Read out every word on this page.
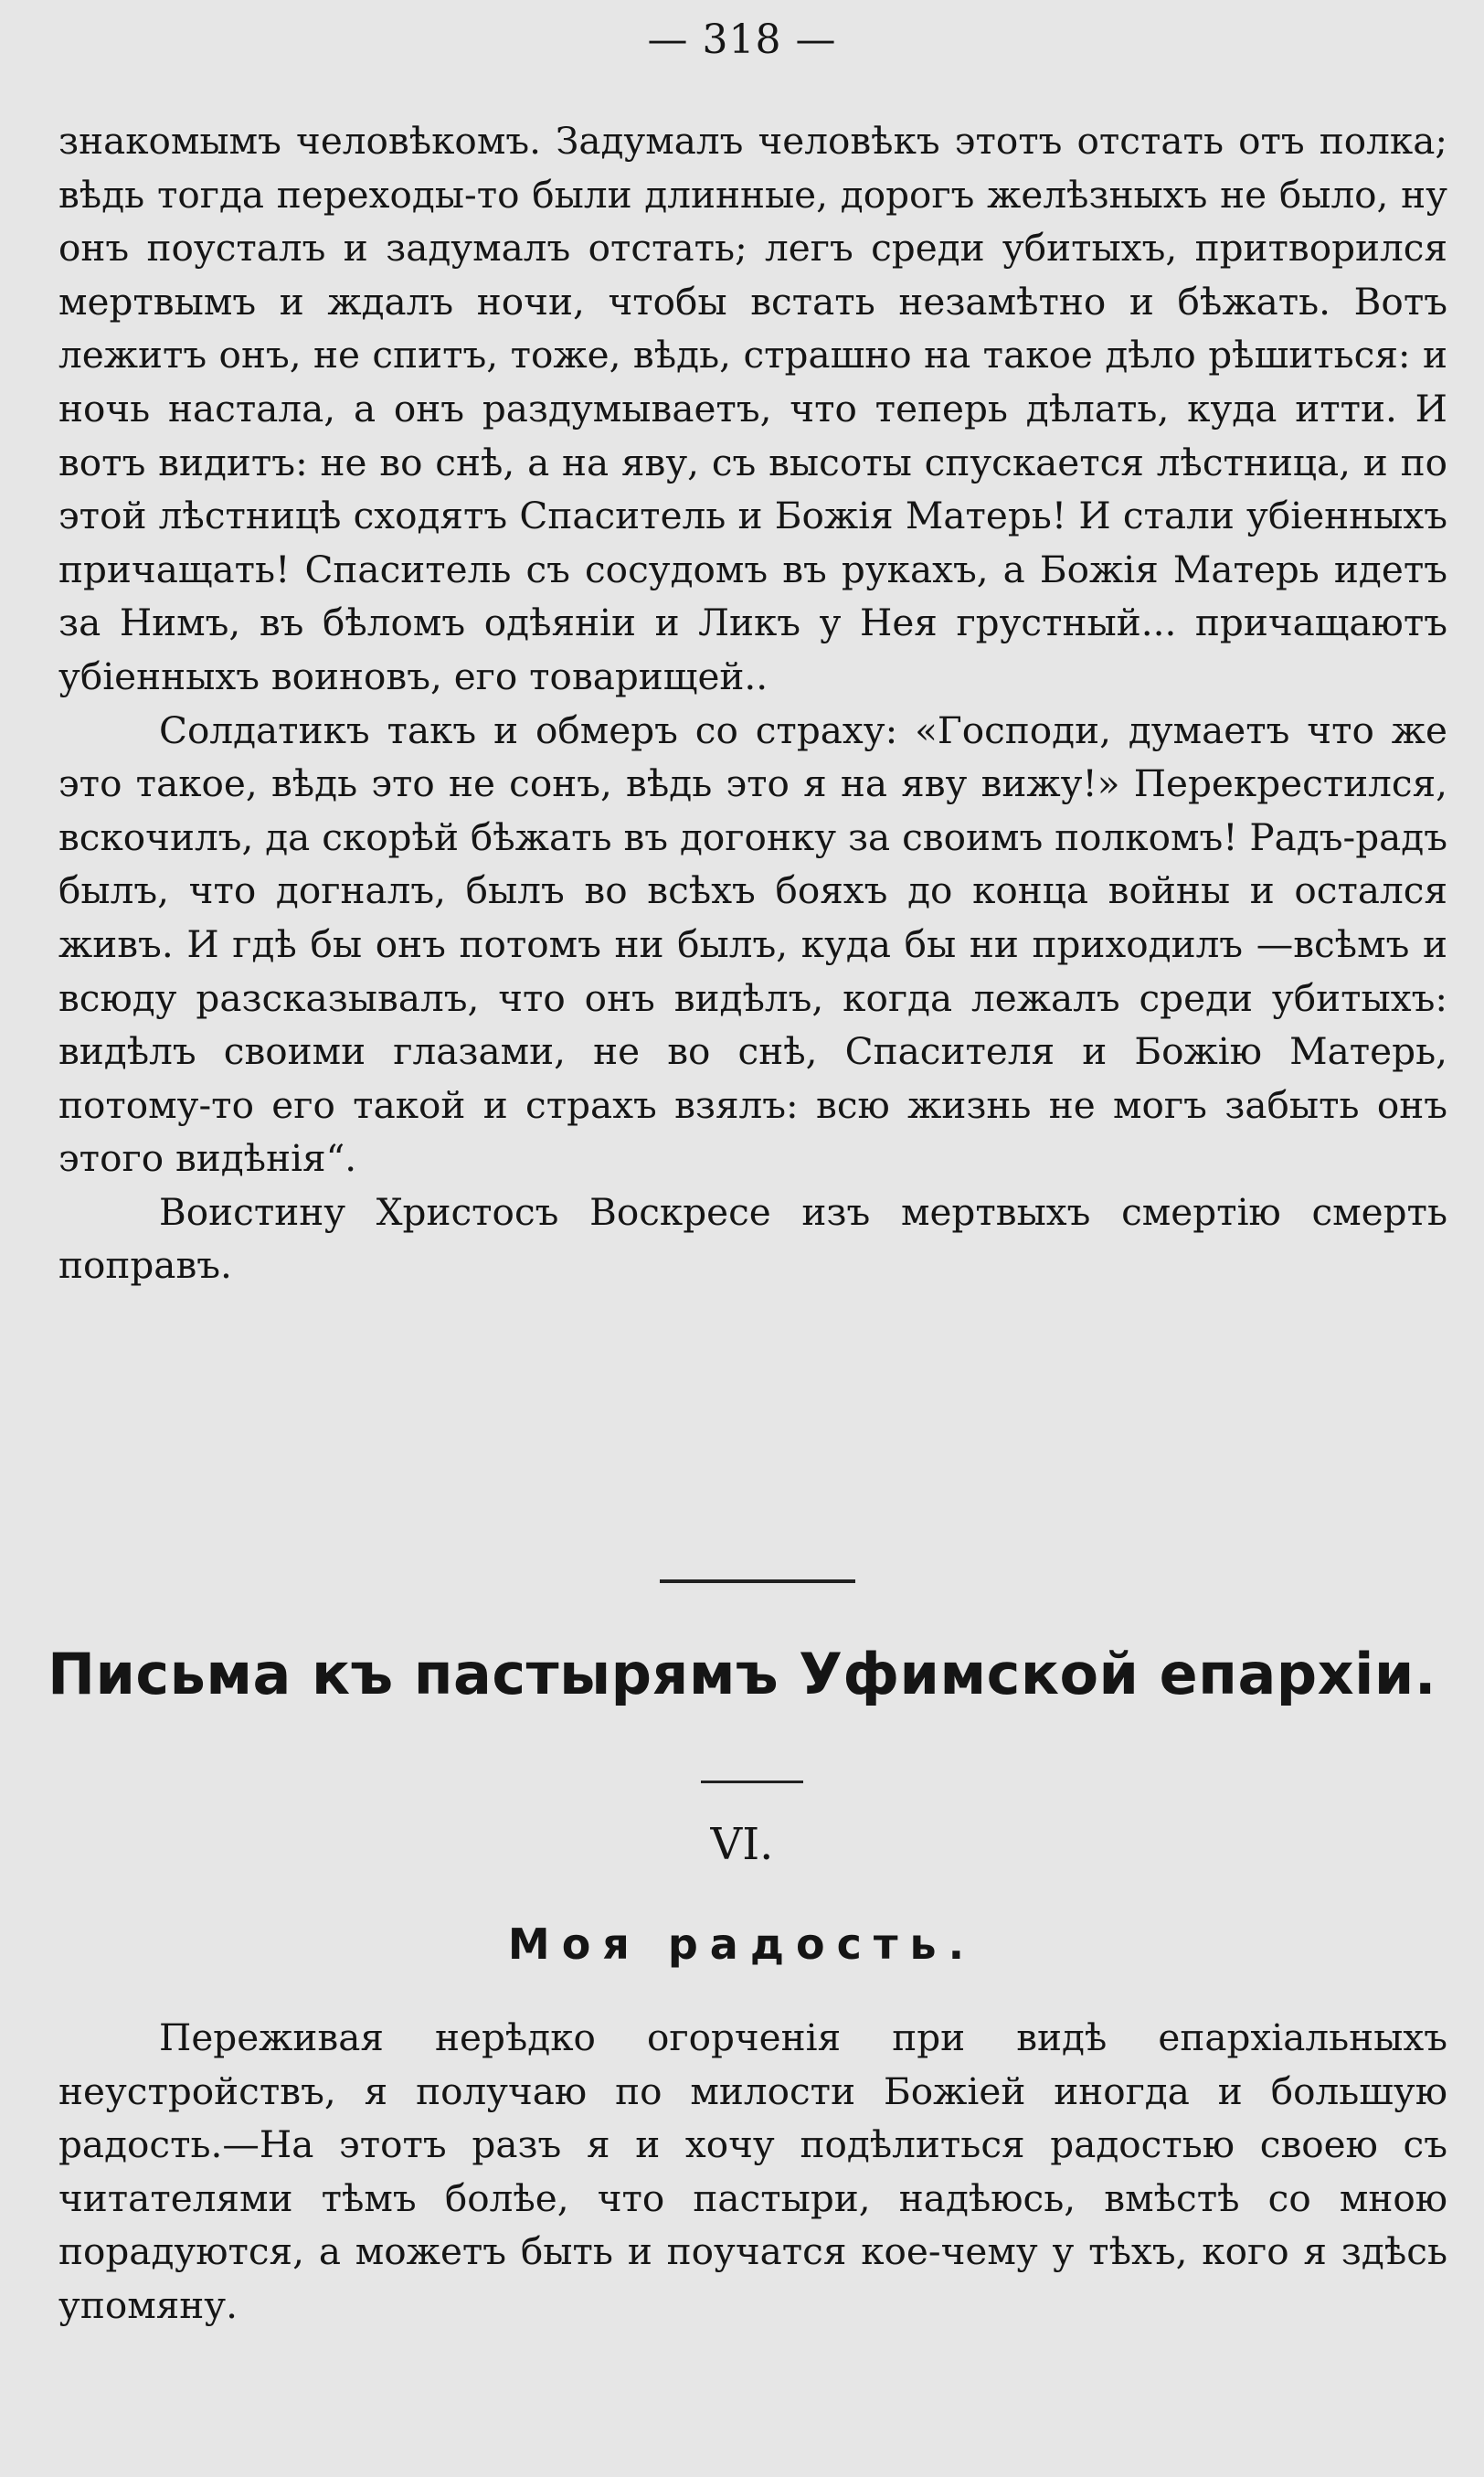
— 318 —

знакомымъ человѣкомъ. Задумалъ человѣкъ этотъ отстать отъ полка; вѣдь тогда переходы-то были длинные, дорогъ желѣзныхъ не было, ну онъ поусталъ и задумалъ отстать; легъ среди убитыхъ, притворился мертвымъ и ждалъ ночи, чтобы встать незамѣтно и бѣжать. Вотъ лежитъ онъ, не спитъ, тоже, вѣдь, страшно на такое дѣло рѣшиться: и ночь настала, а онъ раздумываетъ, что теперь дѣлать, куда итти. И вотъ видитъ: не во снѣ, а на яву, съ высоты спускается лѣстница, и по этой лѣстницѣ сходятъ Спаситель и Божія Матерь! И стали убіенныхъ причащать! Спаситель съ сосудомъ въ рукахъ, а Божія Матерь идетъ за Нимъ, въ бѣломъ одѣяніи и Ликъ у Нея грустный... причащаютъ убіенныхъ воиновъ, его товарищей..

Солдатикъ такъ и обмеръ со страху: «Господи, думаетъ что же это такое, вѣдь это не сонъ, вѣдь это я на яву вижу!» Перекрестился, вскочилъ, да скорѣй бѣжать въ догонку за своимъ полкомъ! Радъ-радъ былъ, что догналъ, былъ во всѣхъ бояхъ до конца войны и остался живъ. И гдѣ бы онъ потомъ ни былъ, куда бы ни приходилъ —всѣмъ и всюду разсказывалъ, что онъ видѣлъ, когда лежалъ среди убитыхъ: видѣлъ своими глазами, не во снѣ, Спасителя и Божію Матерь, потому-то его такой и страхъ взялъ: всю жизнь не могъ забыть онъ этого видѣнія“.

Воистину Христосъ Воскресе изъ мертвыхъ смертію смерть поправъ.

Письма къ пастырямъ Уфимской епархіи.
VI.
Моя радость.

Переживая нерѣдко огорченія при видѣ епархіальныхъ неустройствъ, я получаю по милости Божіей иногда и большую радость.—На этотъ разъ я и хочу подѣлиться радостью своею съ читателями тѣмъ болѣе, что пастыри, надѣюсь, вмѣстѣ со мною порадуются, а можетъ быть и поучатся кое-чему у тѣхъ, кого я здѣсь упомяну.
